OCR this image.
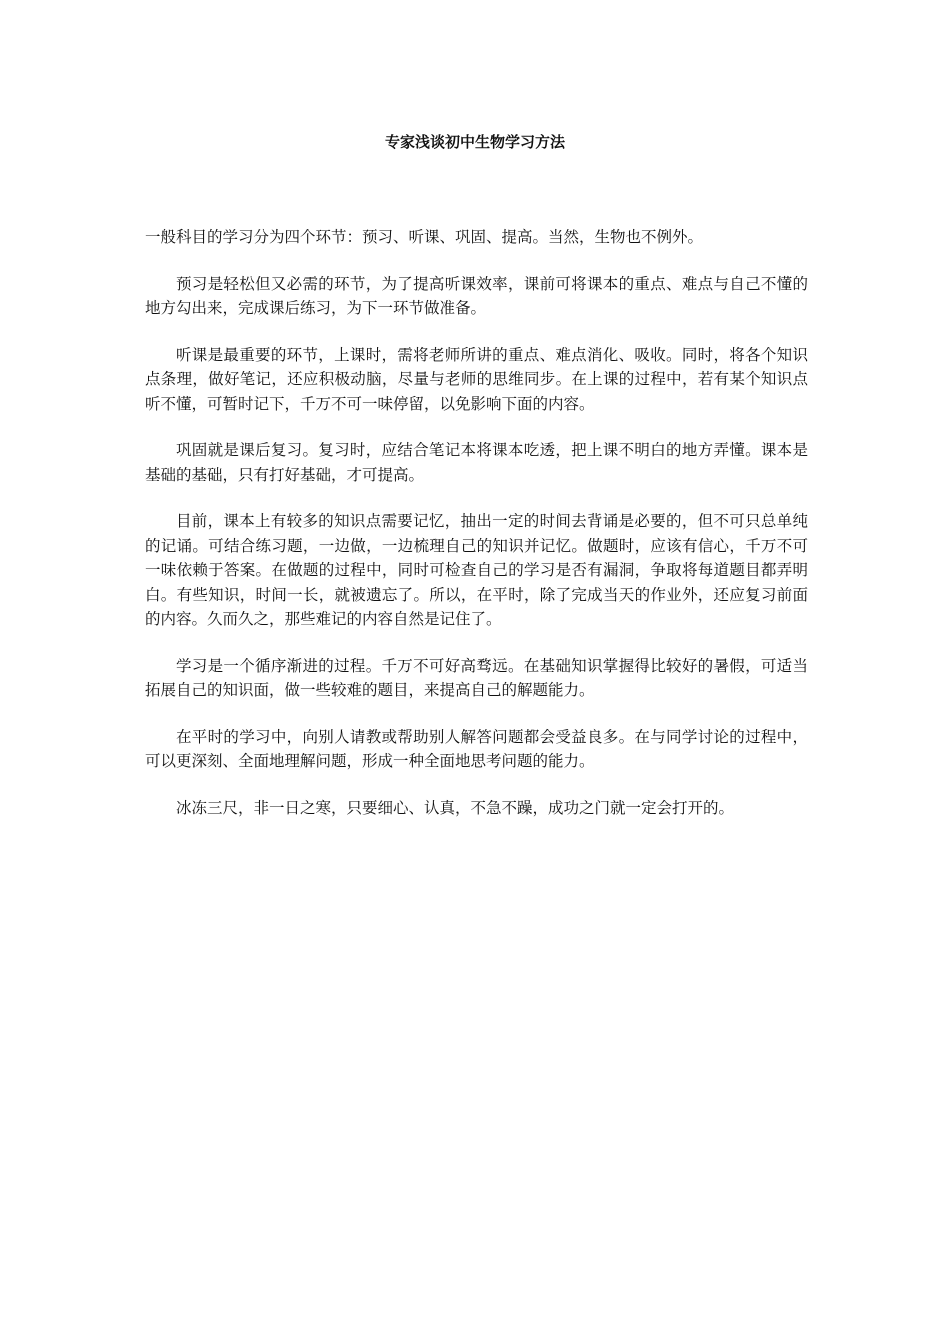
专家浅谈初中生物学习方法

一般科目的学习分为四个环节：预习、听课、巩固、提高。当然，生物也不例外。

预习是轻松但又必需的环节，为了提高听课效率，课前可将课本的重点、难点与自己不懂的地方勾出来，完成课后练习，为下一环节做准备。

听课是最重要的环节，上课时，需将老师所讲的重点、难点消化、吸收。同时，将各个知识点条理，做好笔记，还应积极动脑，尽量与老师的思维同步。在上课的过程中，若有某个知识点听不懂，可暂时记下，千万不可一味停留，以免影响下面的内容。

巩固就是课后复习。复习时，应结合笔记本将课本吃透，把上课不明白的地方弄懂。课本是基础的基础，只有打好基础，才可提高。

目前，课本上有较多的知识点需要记忆，抽出一定的时间去背诵是必要的，但不可只总单纯的记诵。可结合练习题，一边做，一边梳理自己的知识并记忆。做题时，应该有信心，千万不可一味依赖于答案。在做题的过程中，同时可检查自己的学习是否有漏洞，争取将每道题目都弄明白。有些知识，时间一长，就被遗忘了。所以，在平时，除了完成当天的作业外，还应复习前面的内容。久而久之，那些难记的内容自然是记住了。

学习是一个循序渐进的过程。千万不可好高骛远。在基础知识掌握得比较好的暑假，可适当拓展自己的知识面，做一些较难的题目，来提高自己的解题能力。

在平时的学习中，向别人请教或帮助别人解答问题都会受益良多。在与同学讨论的过程中，可以更深刻、全面地理解问题，形成一种全面地思考问题的能力。

冰冻三尺，非一日之寒，只要细心、认真，不急不躁，成功之门就一定会打开的。
